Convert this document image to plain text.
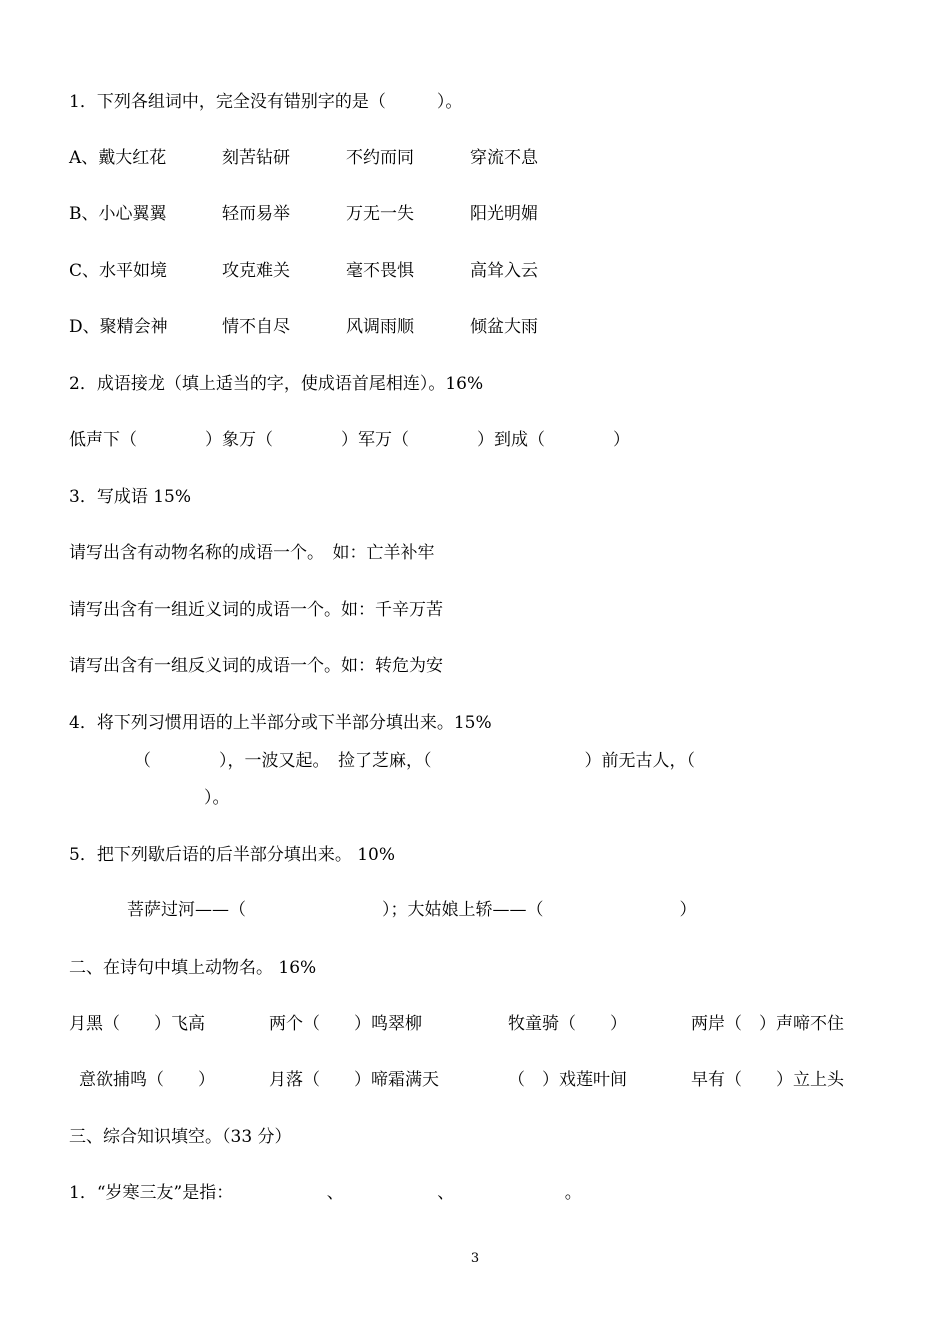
1．下列各组词中，完全没有错别字的是（　　　）。
A、戴大红花	刻苦钻研	不约而同	穿流不息
B、小心翼翼	轻而易举	万无一失	阳光明媚
C、水平如境	攻克难关	毫不畏惧	高耸入云
D、聚精会神	情不自尽	风调雨顺	倾盆大雨
2．成语接龙（填上适当的字，使成语首尾相连）。16%
低声下（　　　　）象万（　　　　）军万（　　　　）到成（　　　　）
3．写成语 15%
请写出含有动物名称的成语一个。　如：亡羊补牢
请写出含有一组近义词的成语一个。如：千辛万苦
请写出含有一组反义词的成语一个。如：转危为安
4．将下列习惯用语的上半部分或下半部分填出来。15%
（　　　　），一波又起。　捡了芝麻，（　　　　　　　　　）前无古人，（
）。
5．把下列歇后语的后半部分填出来。 10%
菩萨过河——（　　　　　　　　）；大姑娘上轿——（　　　　　　　　）
二、在诗句中填上动物名。 16%
月黑（　　）飞高	两个（　　）鸣翠柳	牧童骑（　　）	两岸（　）声啼不住
意欲捕鸣（　　）	月落（　　）啼霜满天	（　）戏莲叶间	早有（　　）立上头
三、综合知识填空。（33 分）
1．“岁寒三友”是指：　　　　　　、　　　　　　、　　　　　　　。
3
